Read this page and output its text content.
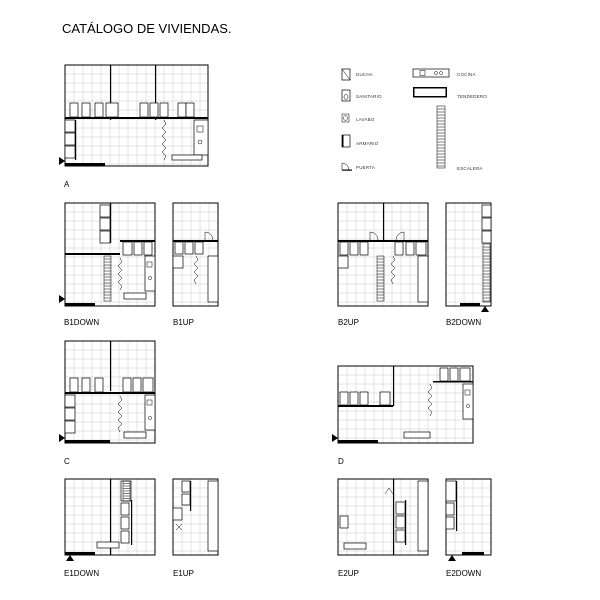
CATÁLOGO DE VIVIENDAS.
DUCHA
SANITARIO
LAVABO
ARMARIO
PUERTA
COCINA
TENDEDERO
ESCALERA
A
B1DOWN	B1UP	B2UP	B2DOWN
C	D
E1DOWN	E1UP	E2UP	E2DOWN
